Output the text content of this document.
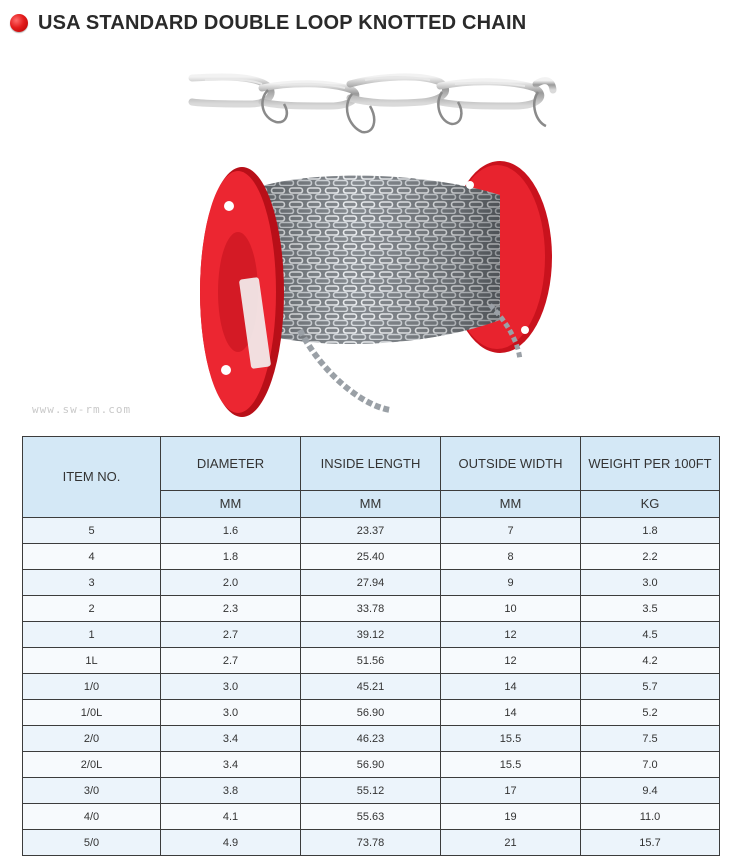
USA STANDARD DOUBLE LOOP KNOTTED CHAIN
www.sw-rm.com
ITEM NO.	DIAMETER	INSIDE LENGTH	OUTSIDE WIDTH	WEIGHT PER 100FT
	MM	MM	MM	KG
5	1.6	23.37	7	1.8
4	1.8	25.40	8	2.2
3	2.0	27.94	9	3.0
2	2.3	33.78	10	3.5
1	2.7	39.12	12	4.5
1L	2.7	51.56	12	4.2
1/0	3.0	45.21	14	5.7
1/0L	3.0	56.90	14	5.2
2/0	3.4	46.23	15.5	7.5
2/0L	3.4	56.90	15.5	7.0
3/0	3.8	55.12	17	9.4
4/0	4.1	55.63	19	11.0
5/0	4.9	73.78	21	15.7
